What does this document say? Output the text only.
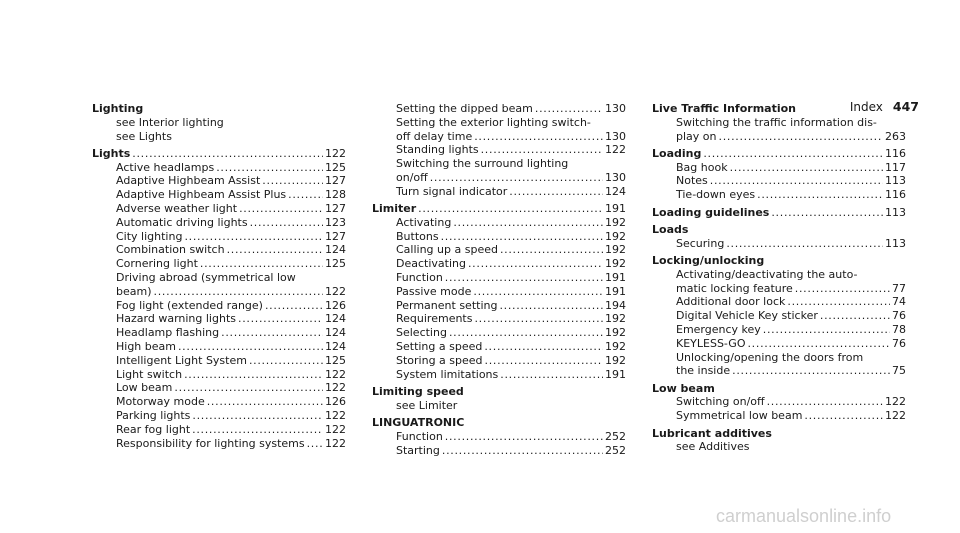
Index 447
Lighting
see Interior lighting
see Lights
Lights . . .	122
Active headlamps . . .	125
Adaptive Highbeam Assist . . .	127
Adaptive Highbeam Assist Plus . . .	128
Adverse weather light . . .	127
Automatic driving lights . . .	123
City lighting . . .	127
Combination switch . . .	124
Cornering light . . .	125
Driving abroad (symmetrical low
beam) . . .	122
Fog light (extended range) . . .	126
Hazard warning lights . . .	124
Headlamp flashing . . .	124
High beam . . .	124
Intelligent Light System . . .	125
Light switch . . .	122
Low beam . . .	122
Motorway mode . . .	126
Parking lights . . .	122
Rear fog light . . .	122
Responsibility for lighting systems . . . 122
Setting the dipped beam . . .	130
Setting the exterior lighting switch-
off delay time . . .	130
Standing lights . . .	122
Switching the surround lighting
on/off . . .	130
Turn signal indicator . . .	124
Limiter . . .	191
Activating . . .	192
Buttons . . .	192
Calling up a speed . . .	192
Deactivating . . .	192
Function . . .	191
Passive mode . . .	191
Permanent setting . . .	194
Requirements . . .	192
Selecting . . .	192
Setting a speed . . .	192
Storing a speed . . .	192
System limitations . . .	191
Limiting speed
see Limiter
LINGUATRONIC
Function . . .	252
Starting . . .	252
Live Traffic Information
Switching the traffic information dis-
play on . . .	263
Loading . . .	116
Bag hook . . .	117
Notes . . .	113
Tie-down eyes . . .	116
Loading guidelines . . .	113
Loads
Securing . . .	113
Locking/unlocking
Activating/deactivating the auto-
matic locking feature . . .	77
Additional door lock . . .	74
Digital Vehicle Key sticker . . .	76
Emergency key . . .	78
KEYLESS-GO . . .	76
Unlocking/opening the doors from
the inside . . .	75
Low beam
Switching on/off . . .	122
Symmetrical low beam . . .	122
Lubricant additives
see Additives
carmanualsonline.info
